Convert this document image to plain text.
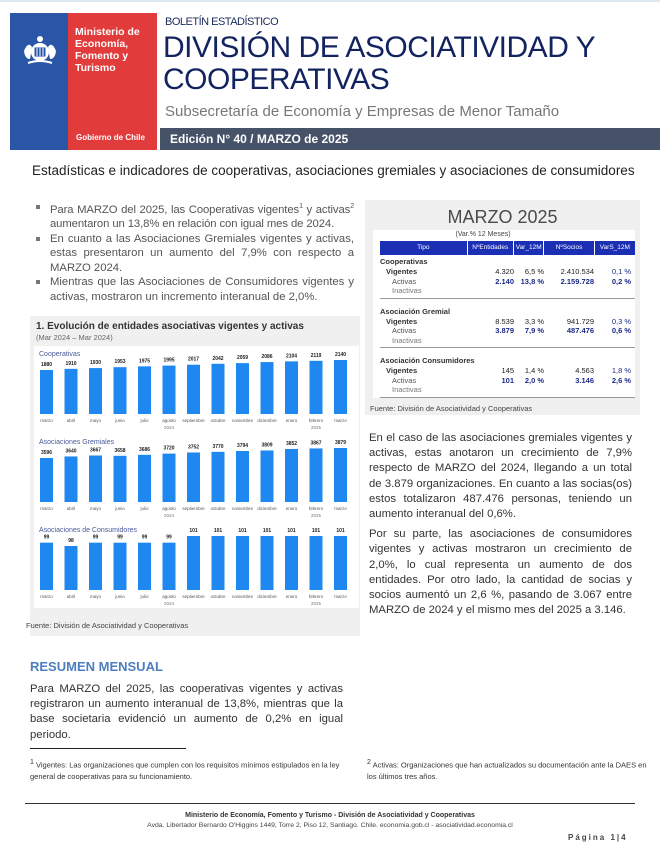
Ministerio de Economía, Fomento y Turismo
Gobierno de Chile
BOLETÍN ESTADÍSTICO
DIVISIÓN DE ASOCIATIVIDAD Y COOPERATIVAS
Subsecretaría de Economía y Empresas de Menor Tamaño
Edición N° 40 / MARZO de 2025
Estadísticas e indicadores de cooperativas, asociaciones gremiales y asociaciones de consumidores
Para MARZO del 2025, las Cooperativas vigentes$^1$ y activas$^2$ aumentaron un 13,8% en relación con igual mes de 2024.
En cuanto a las Asociaciones Gremiales vigentes y activas, estas presentaron un aumento del 7,9% con respecto a MARZO 2024.
Mientras que las Asociaciones de Consumidores vigentes y activas, mostraron un incremento interanual de 2,0%.
MARZO 2025
(Var.% 12 Meses)
Tipo	NºEntidades	Var_12M	NºSocios	VarS_12M
Cooperativas
Vigentes	4.320	6,5 %	2.410.534	0,1 %
Activas	2.140 13,8 %	2.159.728	0,2 %
Inactivas
Asociación Gremial
Vigentes	8.539	3,3 %	941.729	0,3 %
Activas	3.879	7,9 %	487.476	0,6 %
Inactivas
Asociación Consumidores
Vigentes	145	1,4 %	4.563	1,8 %
Activas	101	2,0 %	3.146	2,6 %
Inactivas
Fuente: División de Asociatividad y Cooperativas
1. Evolución de entidades asociativas vigentes y activas
(Mar 2024 – Mar 2024)
Cooperativas
1880
marzo
1910
abril
1930
mayo
1953
junio
1975
julio
1995
agosto
2017
septiembre
2042
octubre
2059
noviembre
2086
diciembre
2104
enero
2119
febrero
2140
marzo
2024	2025
Asociaciones Gremiales
3596
marzo
3640
abril
3667
mayo
3658
junio
3686
julio
3720
agosto
3752
septiembre
3770
octubre
3794
noviembre
3809
diciembre
3852
enero
3867
febrero
3879
marzo
2024	2025
Asociaciones de Consumidores
99
marzo
98
abril
99
mayo
99
junio
99
julio
99
agosto
101
septiembre
101
octubre
101
noviembre
101
diciembre
101
enero
101
febrero
101
marzo
2024	2025
Fuente: División de Asociatividad y Cooperativas

En el caso de las asociaciones gremiales vigentes y activas, estas anotaron un crecimiento de 7,9% respecto de MARZO del 2024, llegando a un total de 3.879 organizaciones. En cuanto a las socias(os) estos totalizaron 487.476 personas, teniendo un aumento interanual del 0,6%.

Por su parte, las asociaciones de consumidores vigentes y activas mostraron un crecimiento de 2,0%, lo cual representa un aumento de dos entidades. Por otro lado, la cantidad de socias y socios aumentó un 2,6 %, pasando de 3.067 entre MARZO de 2024 y el mismo mes del 2025 a 3.146.

RESUMEN MENSUAL
Para MARZO del 2025, las cooperativas vigentes y activas registraron un aumento interanual de 13,8%, mientras que la base societaria evidenció un aumento de 0,2% en igual periodo.
$^1$ Vigentes: Las organizaciones que cumplen con los requisitos mínimos estipulados en la ley general de cooperativas para su funcionamiento.
$^2$ Activas: Organizaciones que han actualizados su documentación ante la DAES en los últimos tres años.
Ministerio de Economía, Fomento y Turismo - División de Asociatividad y Cooperativas
Avda. Libertador Bernardo O'Higgins 1449, Torre 2, Piso 12, Santiago. Chile. economia.gob.cl - asociatividad.economia.cl
Página 1|4
